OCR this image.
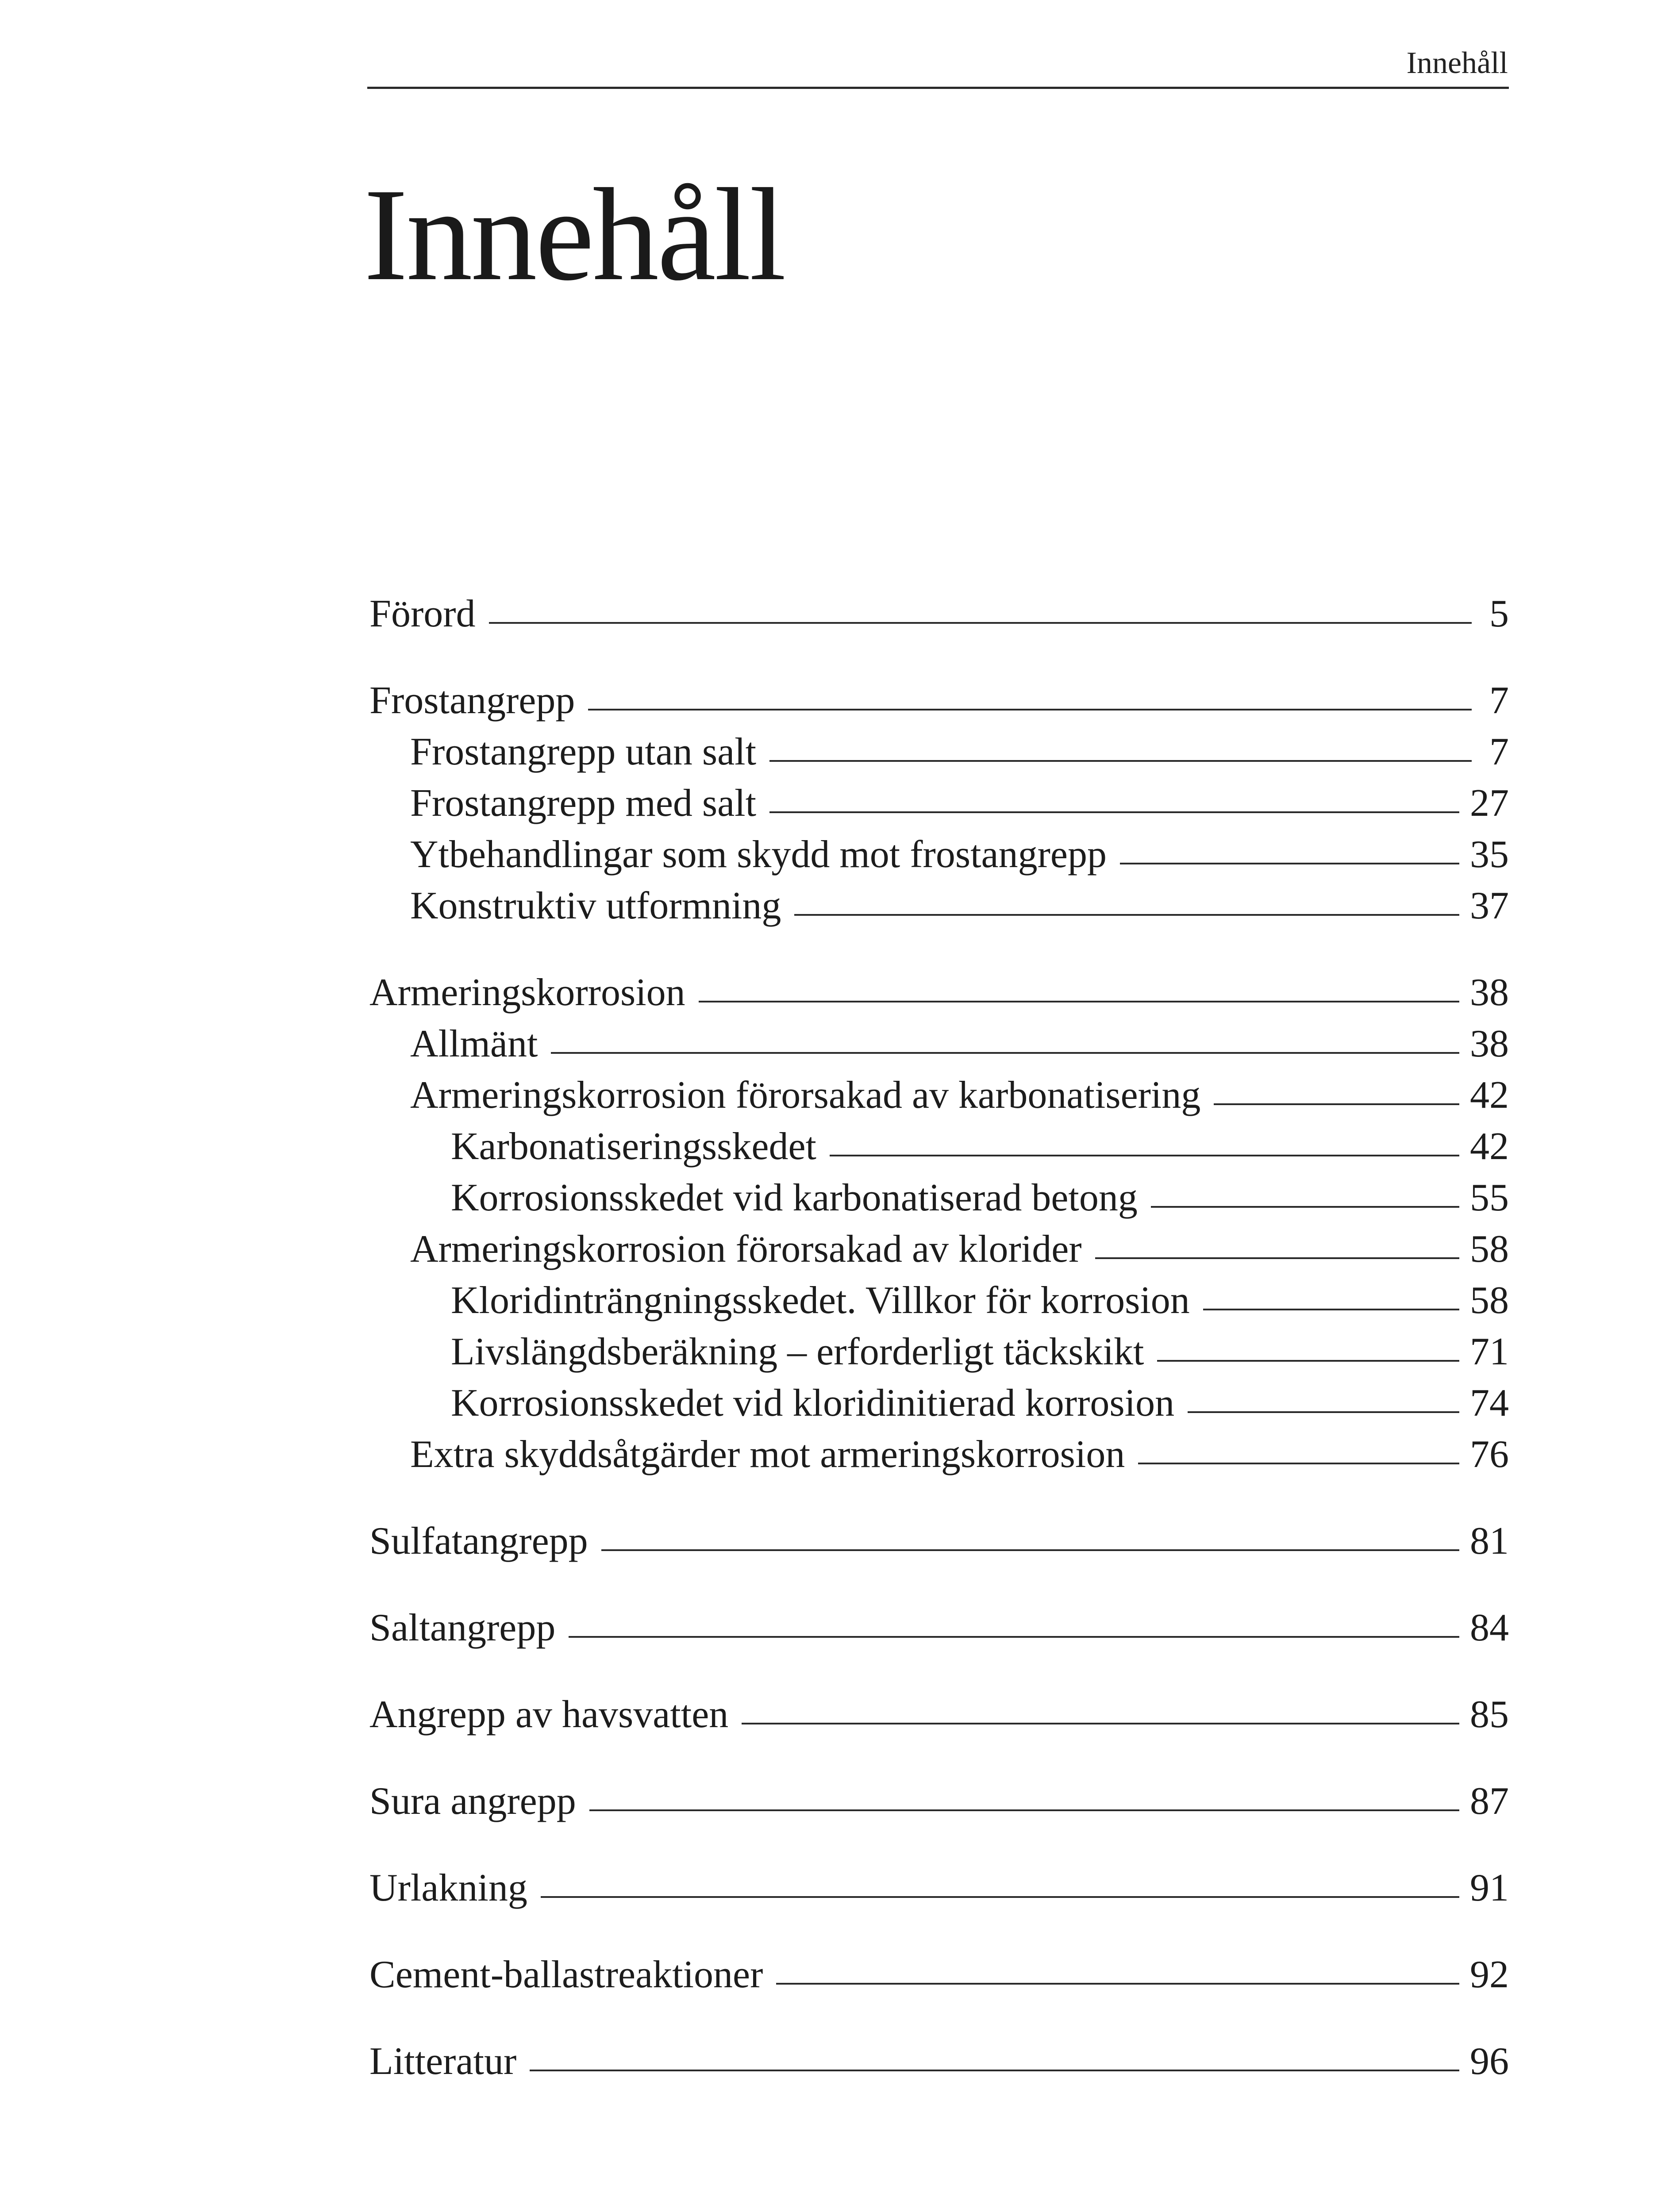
Innehåll
Innehåll
Förord	5
Frostangrepp	7
Frostangrepp utan salt	7
Frostangrepp med salt	27
Ytbehandlingar som skydd mot frostangrepp	35
Konstruktiv utformning	37
Armeringskorrosion	38
Allmänt	38
Armeringskorrosion förorsakad av karbonatisering	42
Karbonatiseringsskedet	42
Korrosionsskedet vid karbonatiserad betong	55
Armeringskorrosion förorsakad av klorider	58
Kloridinträngningsskedet. Villkor för korrosion	58
Livslängdsberäkning – erforderligt täckskikt	71
Korrosionsskedet vid kloridinitierad korrosion	74
Extra skyddsåtgärder mot armeringskorrosion	76
Sulfatangrepp	81
Saltangrepp	84
Angrepp av havsvatten	85
Sura angrepp	87
Urlakning	91
Cement-ballastreaktioner	92
Litteratur	96
